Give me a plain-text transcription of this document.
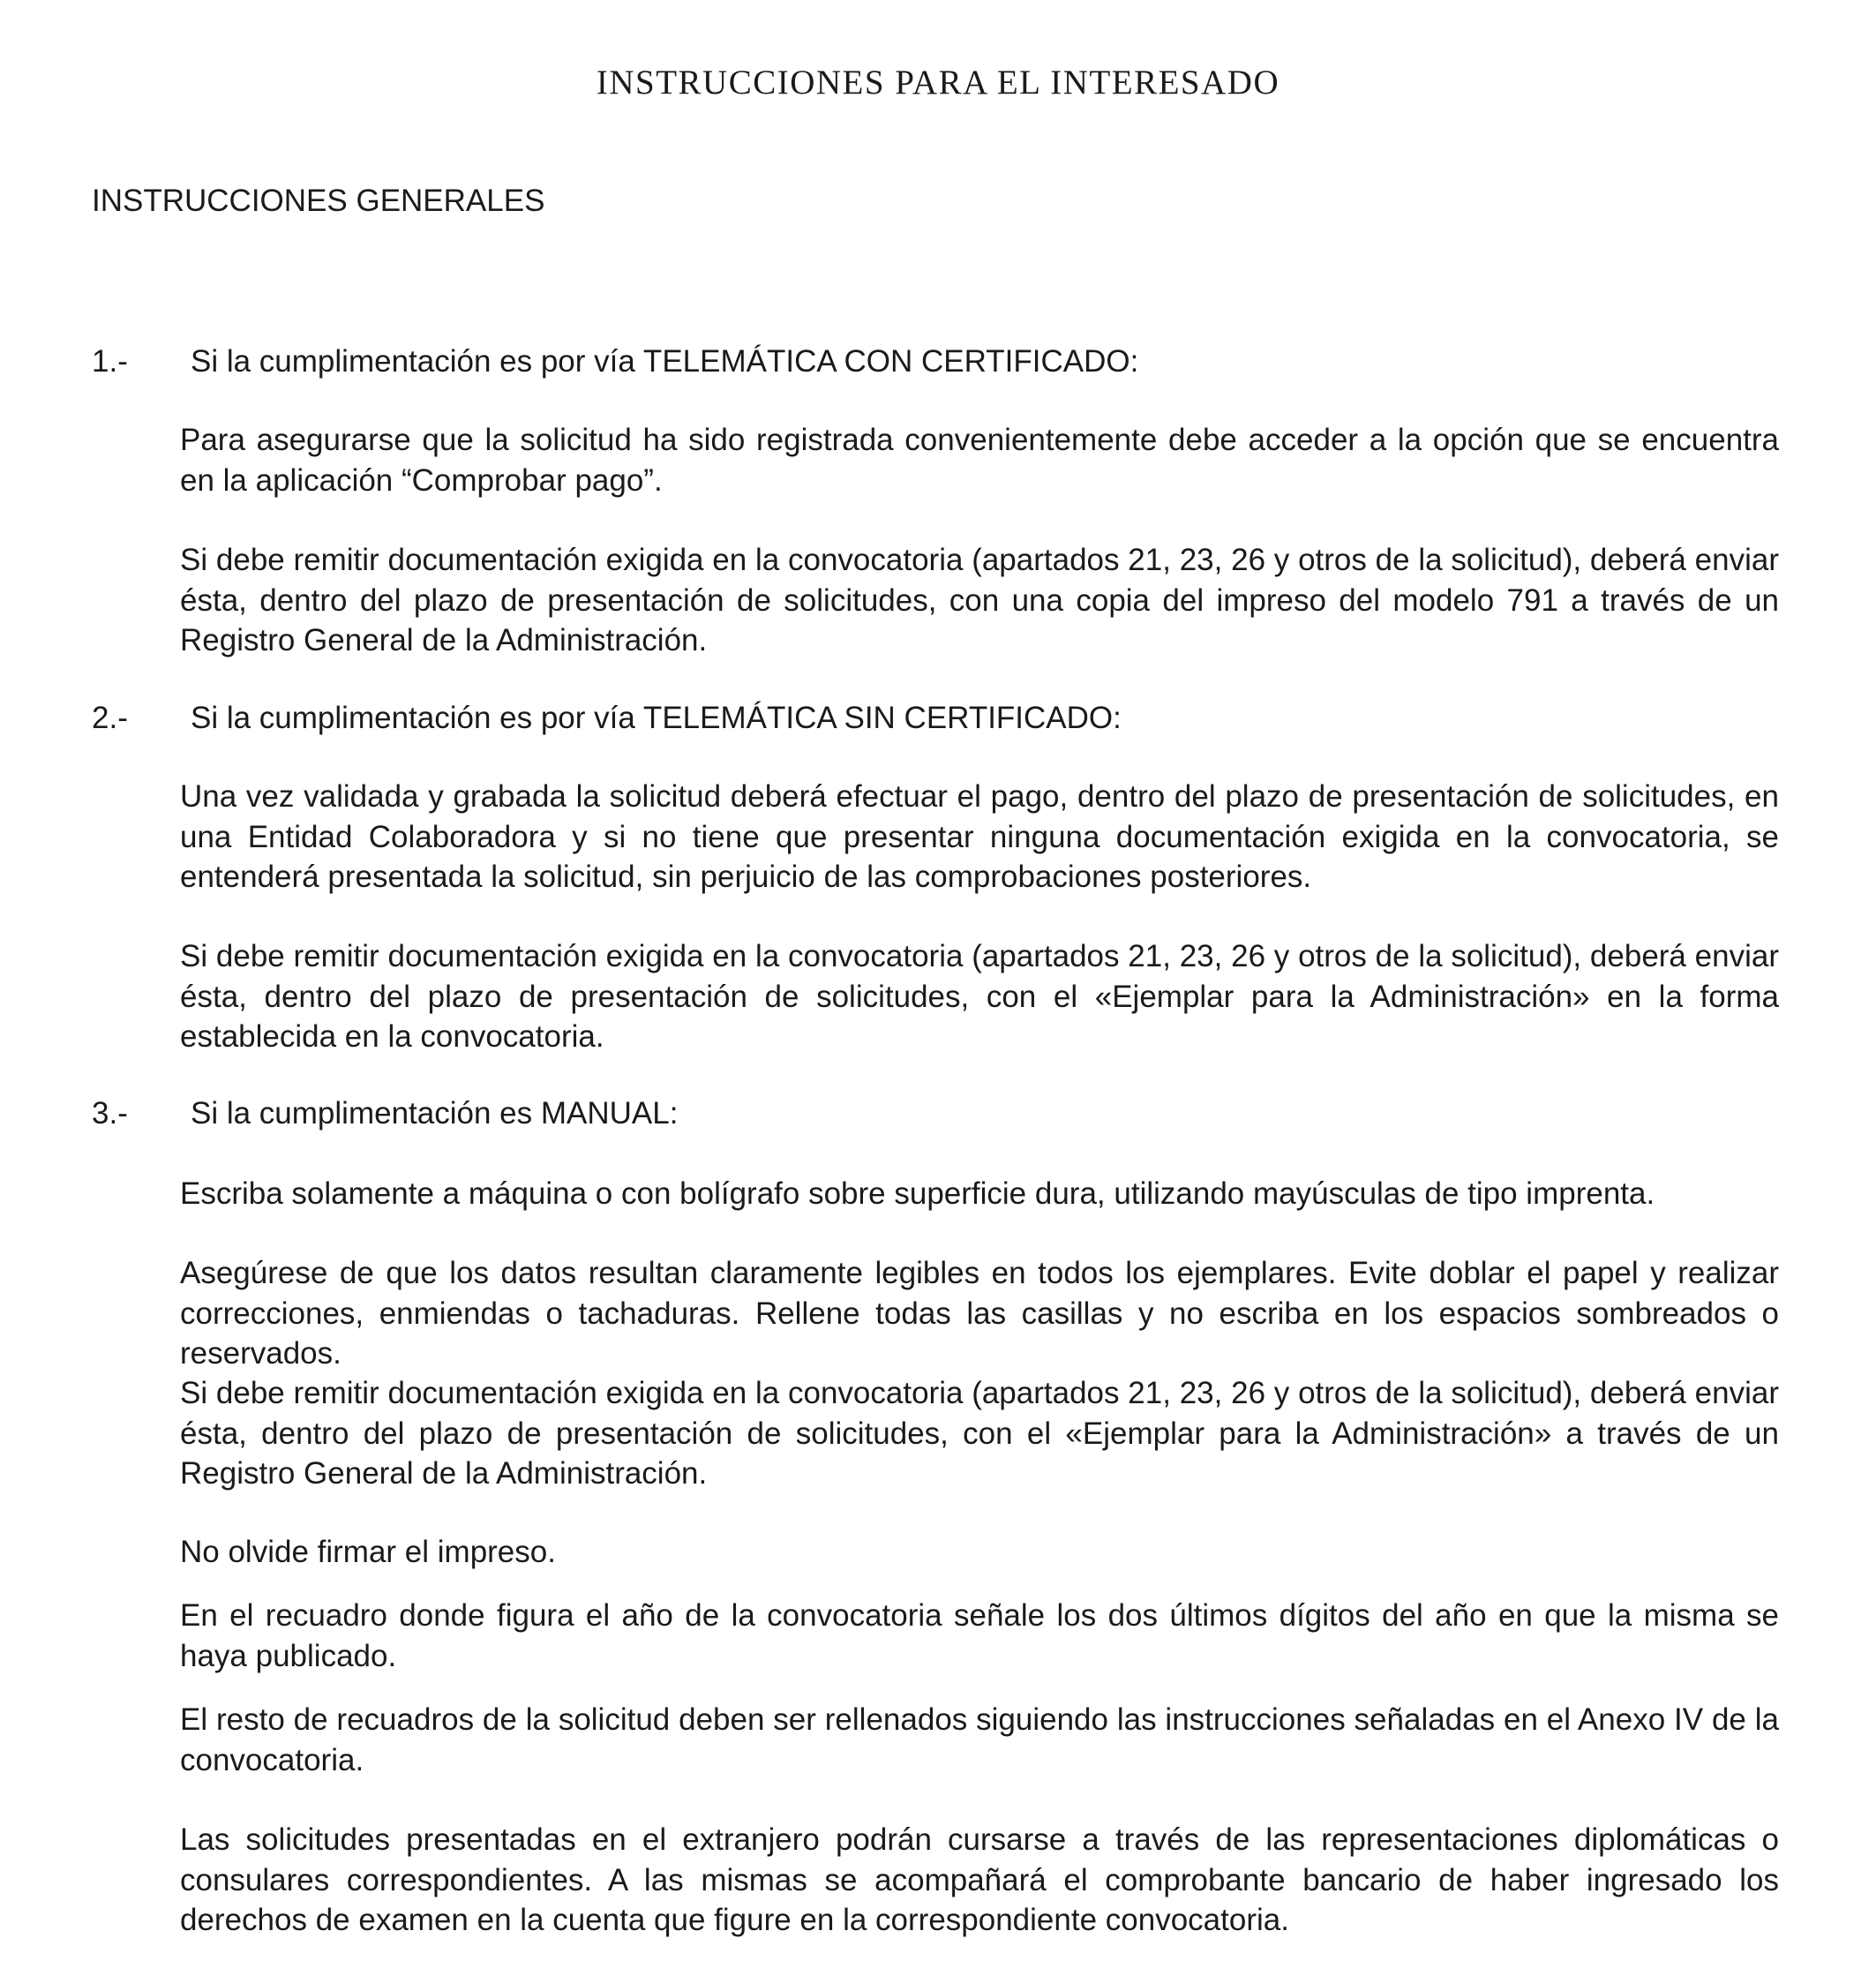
INSTRUCCIONES PARA EL INTERESADO
INSTRUCCIONES GENERALES
1.- Si la cumplimentación es por vía TELEMÁTICA CON CERTIFICADO:
Para asegurarse que la solicitud ha sido registrada convenientemente debe acceder a la opción que se encuentra en la aplicación “Comprobar pago”.
Si debe remitir documentación exigida en la convocatoria (apartados 21, 23, 26 y otros de la solicitud), deberá enviar ésta, dentro del plazo de presentación de solicitudes, con una copia del impreso del modelo 791 a través de un Registro General de la Administración.
2.- Si la cumplimentación es por vía TELEMÁTICA SIN CERTIFICADO:
Una vez validada y grabada la solicitud deberá efectuar el pago, dentro del plazo de presentación de solicitudes, en una Entidad Colaboradora y si no tiene que presentar ninguna documentación exigida en la convocatoria, se entenderá presentada la solicitud, sin perjuicio de las comprobaciones posteriores.
Si debe remitir documentación exigida en la convocatoria (apartados 21, 23, 26 y otros de la solicitud), deberá enviar ésta, dentro del plazo de presentación de solicitudes, con el «Ejemplar para la Administración» en la forma establecida en la convocatoria.
3.- Si la cumplimentación es MANUAL:
Escriba solamente a máquina o con bolígrafo sobre superficie dura, utilizando mayúsculas de tipo imprenta.
Asegúrese de que los datos resultan claramente legibles en todos los ejemplares. Evite doblar el papel y realizar correcciones, enmiendas o tachaduras. Rellene todas las casillas y no escriba en los espacios sombreados o reservados.
Si debe remitir documentación exigida en la convocatoria (apartados 21, 23, 26 y otros de la solicitud), deberá enviar ésta, dentro del plazo de presentación de solicitudes, con el «Ejemplar para la Administración» a través de un Registro General de la Administración.
No olvide firmar el impreso.
En el recuadro donde figura el año de la convocatoria señale los dos últimos dígitos del año en que la misma se haya publicado.
El resto de recuadros de la solicitud deben ser rellenados siguiendo las instrucciones señaladas en el Anexo IV de la convocatoria.
Las solicitudes presentadas en el extranjero podrán cursarse a través de las representaciones diplomáticas o consulares correspondientes. A las mismas se acompañará el comprobante bancario de haber ingresado los derechos de examen en la cuenta que figure en la correspondiente convocatoria.
